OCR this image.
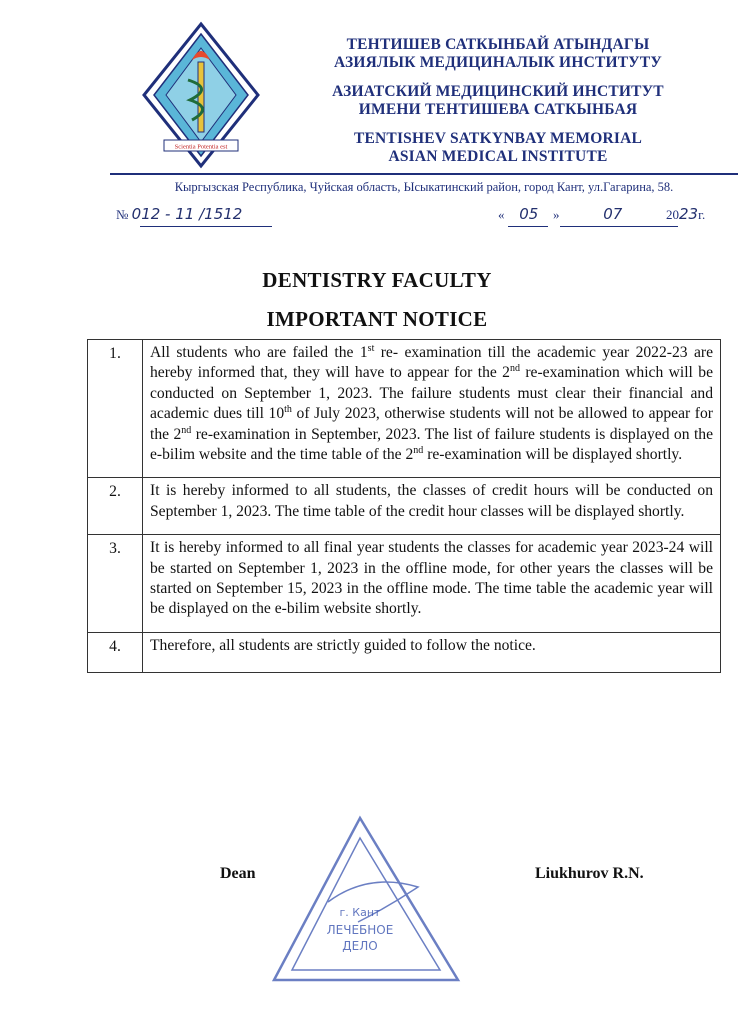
Scientia Potentia est
ТЕНТИШЕВ САТКЫНБАЙ АТЫНДАГЫ
АЗИЯЛЫК МЕДИЦИНАЛЫК ИНСТИТУТУ
АЗИАТСКИЙ МЕДИЦИНСКИЙ ИНСТИТУТ
ИМЕНИ ТЕНТИШЕВА САТКЫНБАЯ
TENTISHEV SATKYNBAY MEMORIAL
ASIAN MEDICAL INSTITUTE
Кыргызская Республика, Чуйская область, Ысыкатинский район, город Кант, ул.Гагарина, 58.
№ 012 - 11 /1512	« 05 »	07	2023г.
DENTISTRY FACULTY
IMPORTANT NOTICE
1.	All students who are failed the 1st re- examination till the academic year 2022-23 are hereby informed that, they will have to appear for the 2nd re-examination which will be conducted on September 1, 2023. The failure students must clear their financial and academic dues till 10th of July 2023, otherwise students will not be allowed to appear for the 2nd re-examination in September, 2023. The list of failure students is displayed on the e-bilim website and the time table of the 2nd re-examination will be displayed shortly.
2.	It is hereby informed to all students, the classes of credit hours will be conducted on September 1, 2023. The time table of the credit hour classes will be displayed shortly.
3.	It is hereby informed to all final year students the classes for academic year 2023-24 will be started on September 1, 2023 in the offline mode, for other years the classes will be started on September 15, 2023 in the offline mode. The time table the academic year will be displayed on the e-bilim website shortly.
4.	Therefore, all students are strictly guided to follow the notice.
г. Кант
ЛЕЧЕБНОЕ
ДЕЛО
Dean	Liukhurov R.N.
